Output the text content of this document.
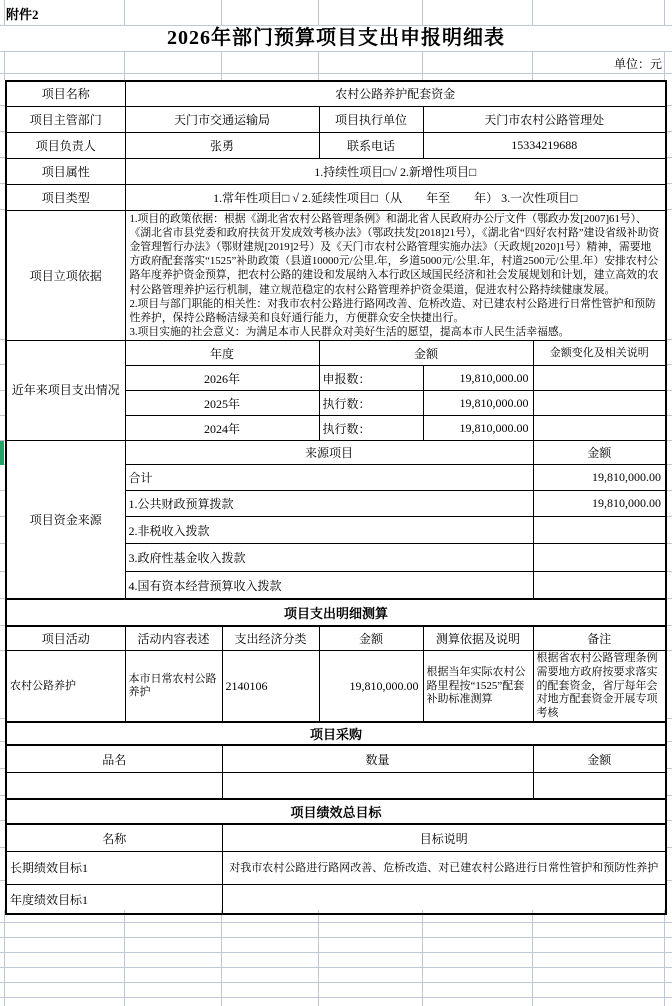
附件2
2026年部门预算项目支出申报明细表
单位：元
项目名称	农村公路养护配套资金				
项目主管部门	天门市交通运输局		项目执行单位	天门市农村公路管理处	
项目负责人	张勇		联系电话	15334219688	
项目属性	1.持续性项目□√ 2.新增性项目□				
项目类型	1.常年性项目□ √ 2.延续性项目□（从　　年至　　年） 3.一次性项目□				
项目立项依据	1.项目的政策依据：根据《湖北省农村公路管理条例》和湖北省人民政府办公厅文件（鄂政办发[2007]61号）、《湖北省市县党委和政府扶贫开发成效考核办法》（鄂政扶发[2018]21号），《湖北省“四好农村路”建设省级补助资金管理暂行办法》（鄂财建规[2019]2号）及《天门市农村公路管理实施办法》（天政规[2020]1号）精神，需要地方政府配套落实“1525”补助政策（县道10000元/公里.年，乡道5000元/公里.年，村道2500元/公里.年）安排农村公路年度养护资金预算，把农村公路的建设和发展纳入本行政区域国民经济和社会发展规划和计划，建立高效的农村公路管理养护运行机制，建立规范稳定的农村公路管理养护资金渠道，促进农村公路持续健康发展。
2.项目与部门职能的相关性：对我市农村公路进行路网改善、危桥改造、对已建农村公路进行日常性管护和预防性养护，保持公路畅洁绿美和良好通行能力，方便群众安全快捷出行。
3.项目实施的社会意义：为满足本市人民群众对美好生活的愿望，提高本市人民生活幸福感。				

近年来项目支出情况	年度		金额		金额变化及相关说明
	2026年		申报数：	19,810,000.00	
	2025年		执行数：	19,810,000.00	
	2024年		执行数：	19,810,000.00	
项目资金来源	来源项目				金额
	合计				19,810,000.00
	1.公共财政预算拨款				19,810,000.00
	2.非税收入拨款				
	3.政府性基金收入拨款				
	4.国有资本经营预算收入拨款				
项目支出明细测算					
项目活动	活动内容表述	支出经济分类	金额	测算依据及说明	备注
农村公路养护	本市日常农村公路养护	2140106	19,810,000.00	根据当年实际农村公路里程按“1525”配套补助标准测算	根据省农村公路管理条例需要地方政府按要求落实的配套资金，省厅每年会对地方配套资金开展专项考核
项目采购					
品名		数量			金额

项目绩效总目标					
名称		目标说明			
长期绩效目标1		对我市农村公路进行路网改善、危桥改造、对已建农村公路进行日常性管护和预防性养护			
年度绩效目标1					
